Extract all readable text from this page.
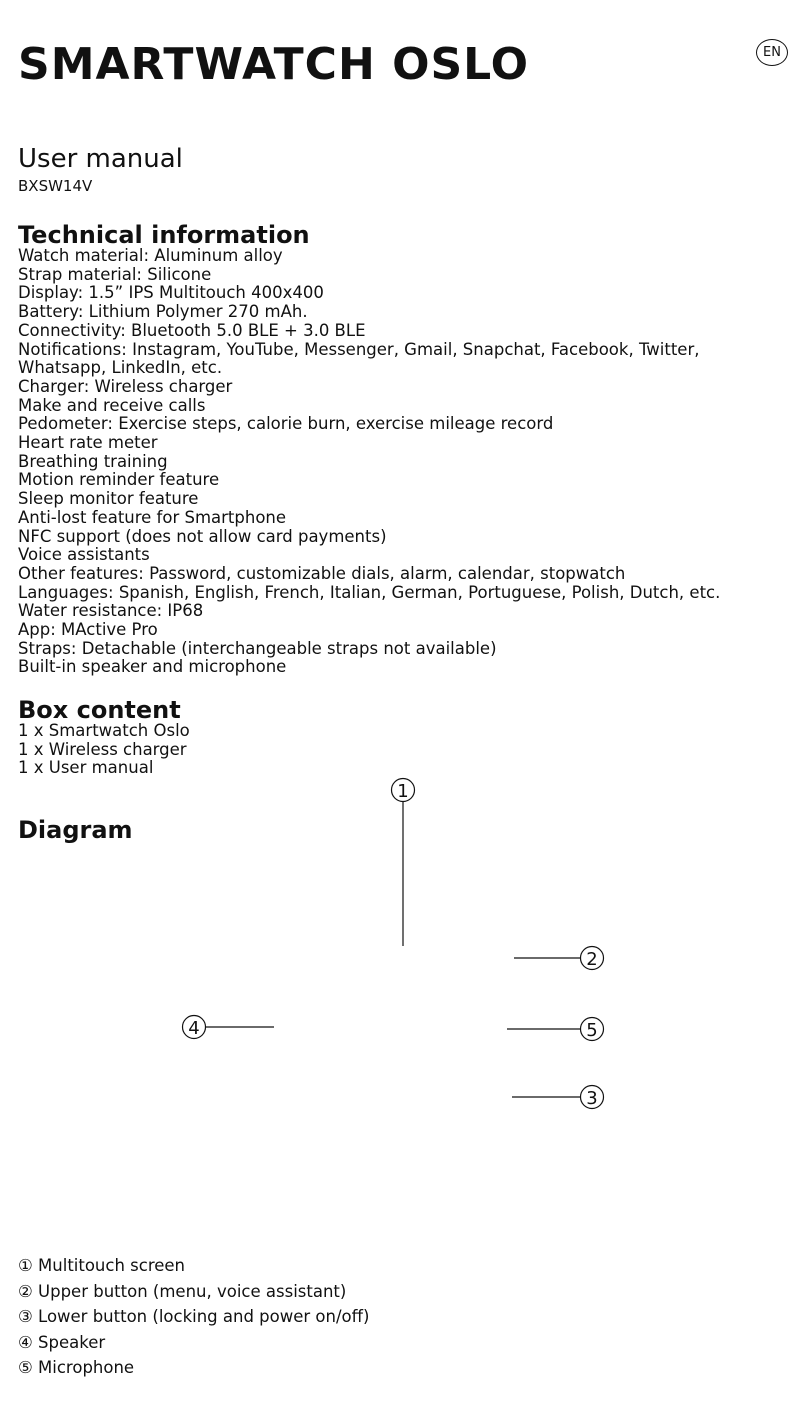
SMARTWATCH OSLO	EN
User manual
BXSW14V
Technical information
Watch material: Aluminum alloy
Strap material: Silicone
Display: 1.5” IPS Multitouch 400x400
Battery: Lithium Polymer 270 mAh.
Connectivity: Bluetooth 5.0 BLE + 3.0 BLE
Notifications: Instagram, YouTube, Messenger, Gmail, Snapchat, Facebook, Twitter,
Whatsapp, LinkedIn, etc.
Charger: Wireless charger
Make and receive calls
Pedometer: Exercise steps, calorie burn, exercise mileage record
Heart rate meter
Breathing training
Motion reminder feature
Sleep monitor feature
Anti-lost feature for Smartphone
NFC support (does not allow card payments)
Voice assistants
Other features: Password, customizable dials, alarm, calendar, stopwatch
Languages: Spanish, English, French, Italian, German, Portuguese, Polish, Dutch, etc.
Water resistance: IP68
App: MActive Pro
Straps: Detachable (interchangeable straps not available)
Built-in speaker and microphone
Box content
1 x Smartwatch Oslo
1 x Wireless charger
1 x User manual
Diagram
1
2
3
4	5
① Multitouch screen
② Upper button (menu, voice assistant)
③ Lower button (locking and power on/off)
④ Speaker
⑤ Microphone
